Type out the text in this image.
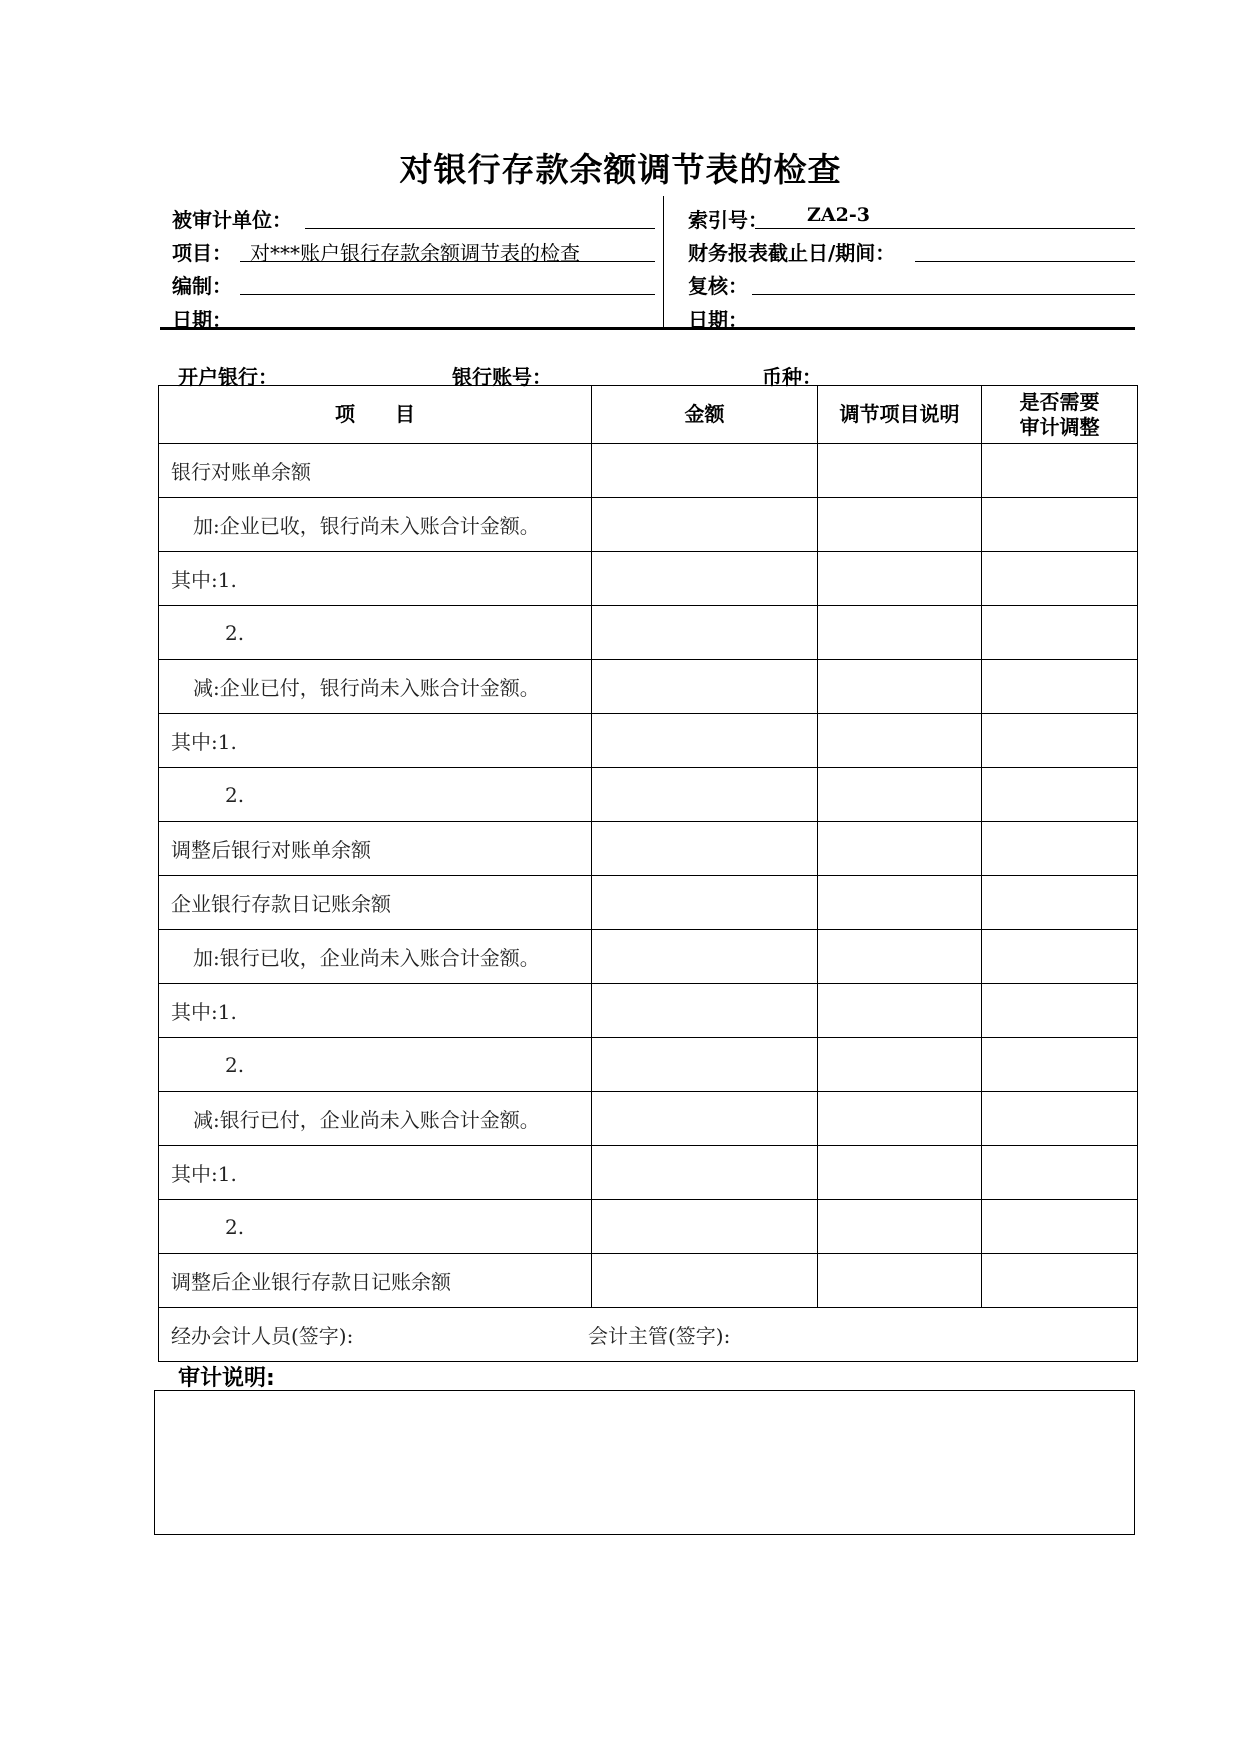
对银行存款余额调节表的检查
被审计单位：
项目： 对***账户银行存款余额调节表的检查
编制：
日期：
索引号： ZA2-3
财务报表截止日/期间：
复核：
日期：
开户银行：	银行账号：	币种：
项　　目	金额	调节项目说明	是否需要
审计调整

银行对账单余额			
加:企业已收，银行尚未入账合计金额。			
其中:1.			
2.			
减:企业已付，银行尚未入账合计金额。			
其中:1.			
2.			
调整后银行对账单余额			
企业银行存款日记账余额			
加:银行已收，企业尚未入账合计金额。			
其中:1.			
2.			
减:银行已付，企业尚未入账合计金额。			
其中:1.			
2.			
调整后企业银行存款日记账余额			
经办会计人员(签字): 会计主管(签字):			
审计说明:
